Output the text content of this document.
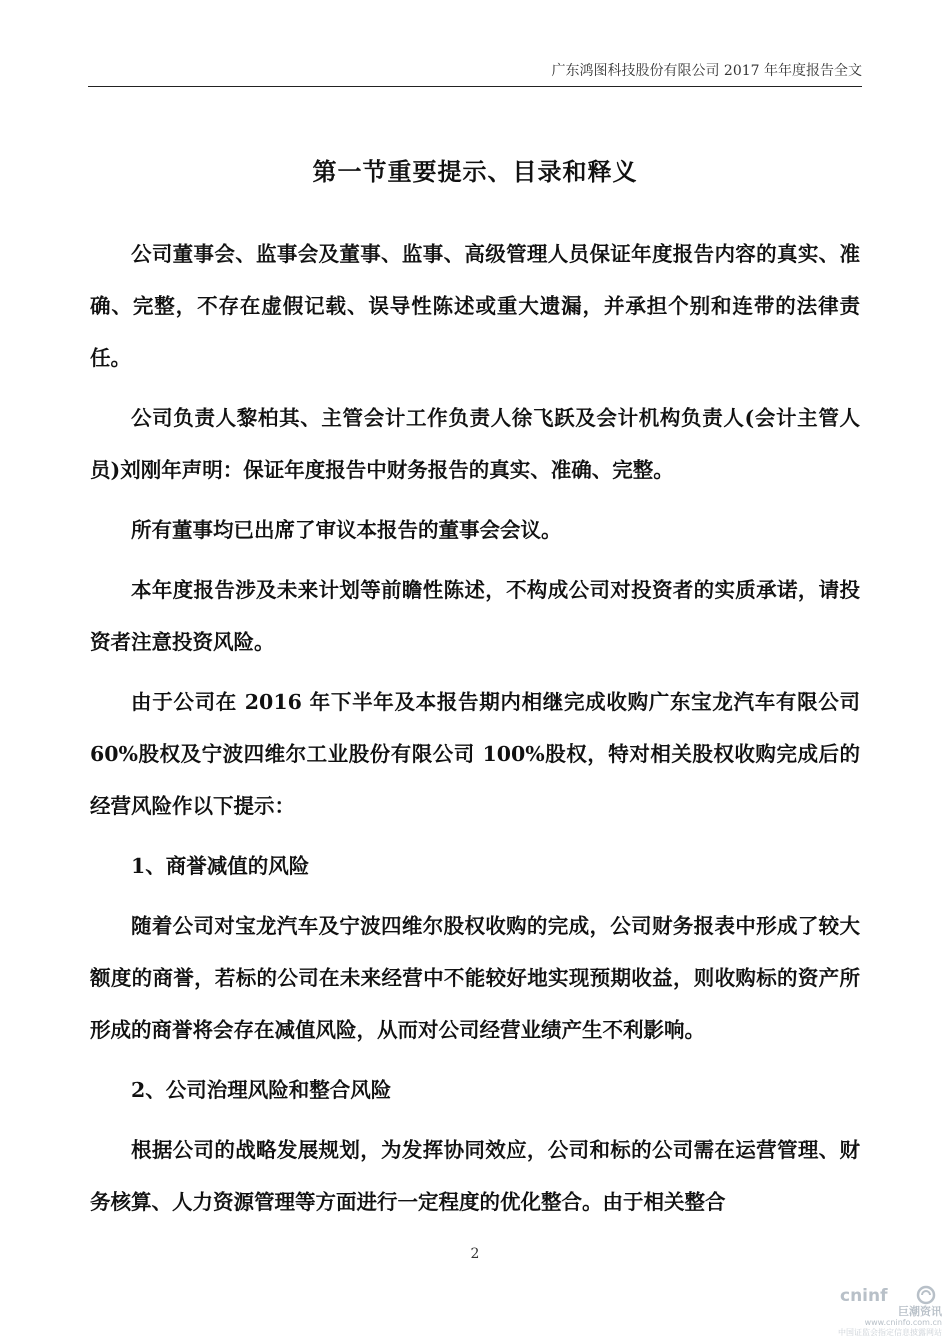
广东鸿图科技股份有限公司 2017 年年度报告全文
第一节重要提示、目录和释义

公司董事会、监事会及董事、监事、高级管理人员保证年度报告内容的真实、准确、完整，不存在虚假记载、误导性陈述或重大遗漏，并承担个别和连带的法律责任。

公司负责人黎柏其、主管会计工作负责人徐飞跃及会计机构负责人(会计主管人员)刘刚年声明：保证年度报告中财务报告的真实、准确、完整。

所有董事均已出席了审议本报告的董事会会议。

本年度报告涉及未来计划等前瞻性陈述，不构成公司对投资者的实质承诺，请投资者注意投资风险。

由于公司在 2016 年下半年及本报告期内相继完成收购广东宝龙汽车有限公司 60%股权及宁波四维尔工业股份有限公司 100%股权，特对相关股权收购完成后的经营风险作以下提示：

1、商誉减值的风险

随着公司对宝龙汽车及宁波四维尔股权收购的完成，公司财务报表中形成了较大额度的商誉，若标的公司在未来经营中不能较好地实现预期收益，则收购标的资产所形成的商誉将会存在减值风险，从而对公司经营业绩产生不利影响。

2、公司治理风险和整合风险

根据公司的战略发展规划，为发挥协同效应，公司和标的公司需在运营管理、财务核算、人力资源管理等方面进行一定程度的优化整合。由于相关整合

2
cninf
巨潮资讯
www.cninfo.com.cn
中国证监会指定信息披露网站
